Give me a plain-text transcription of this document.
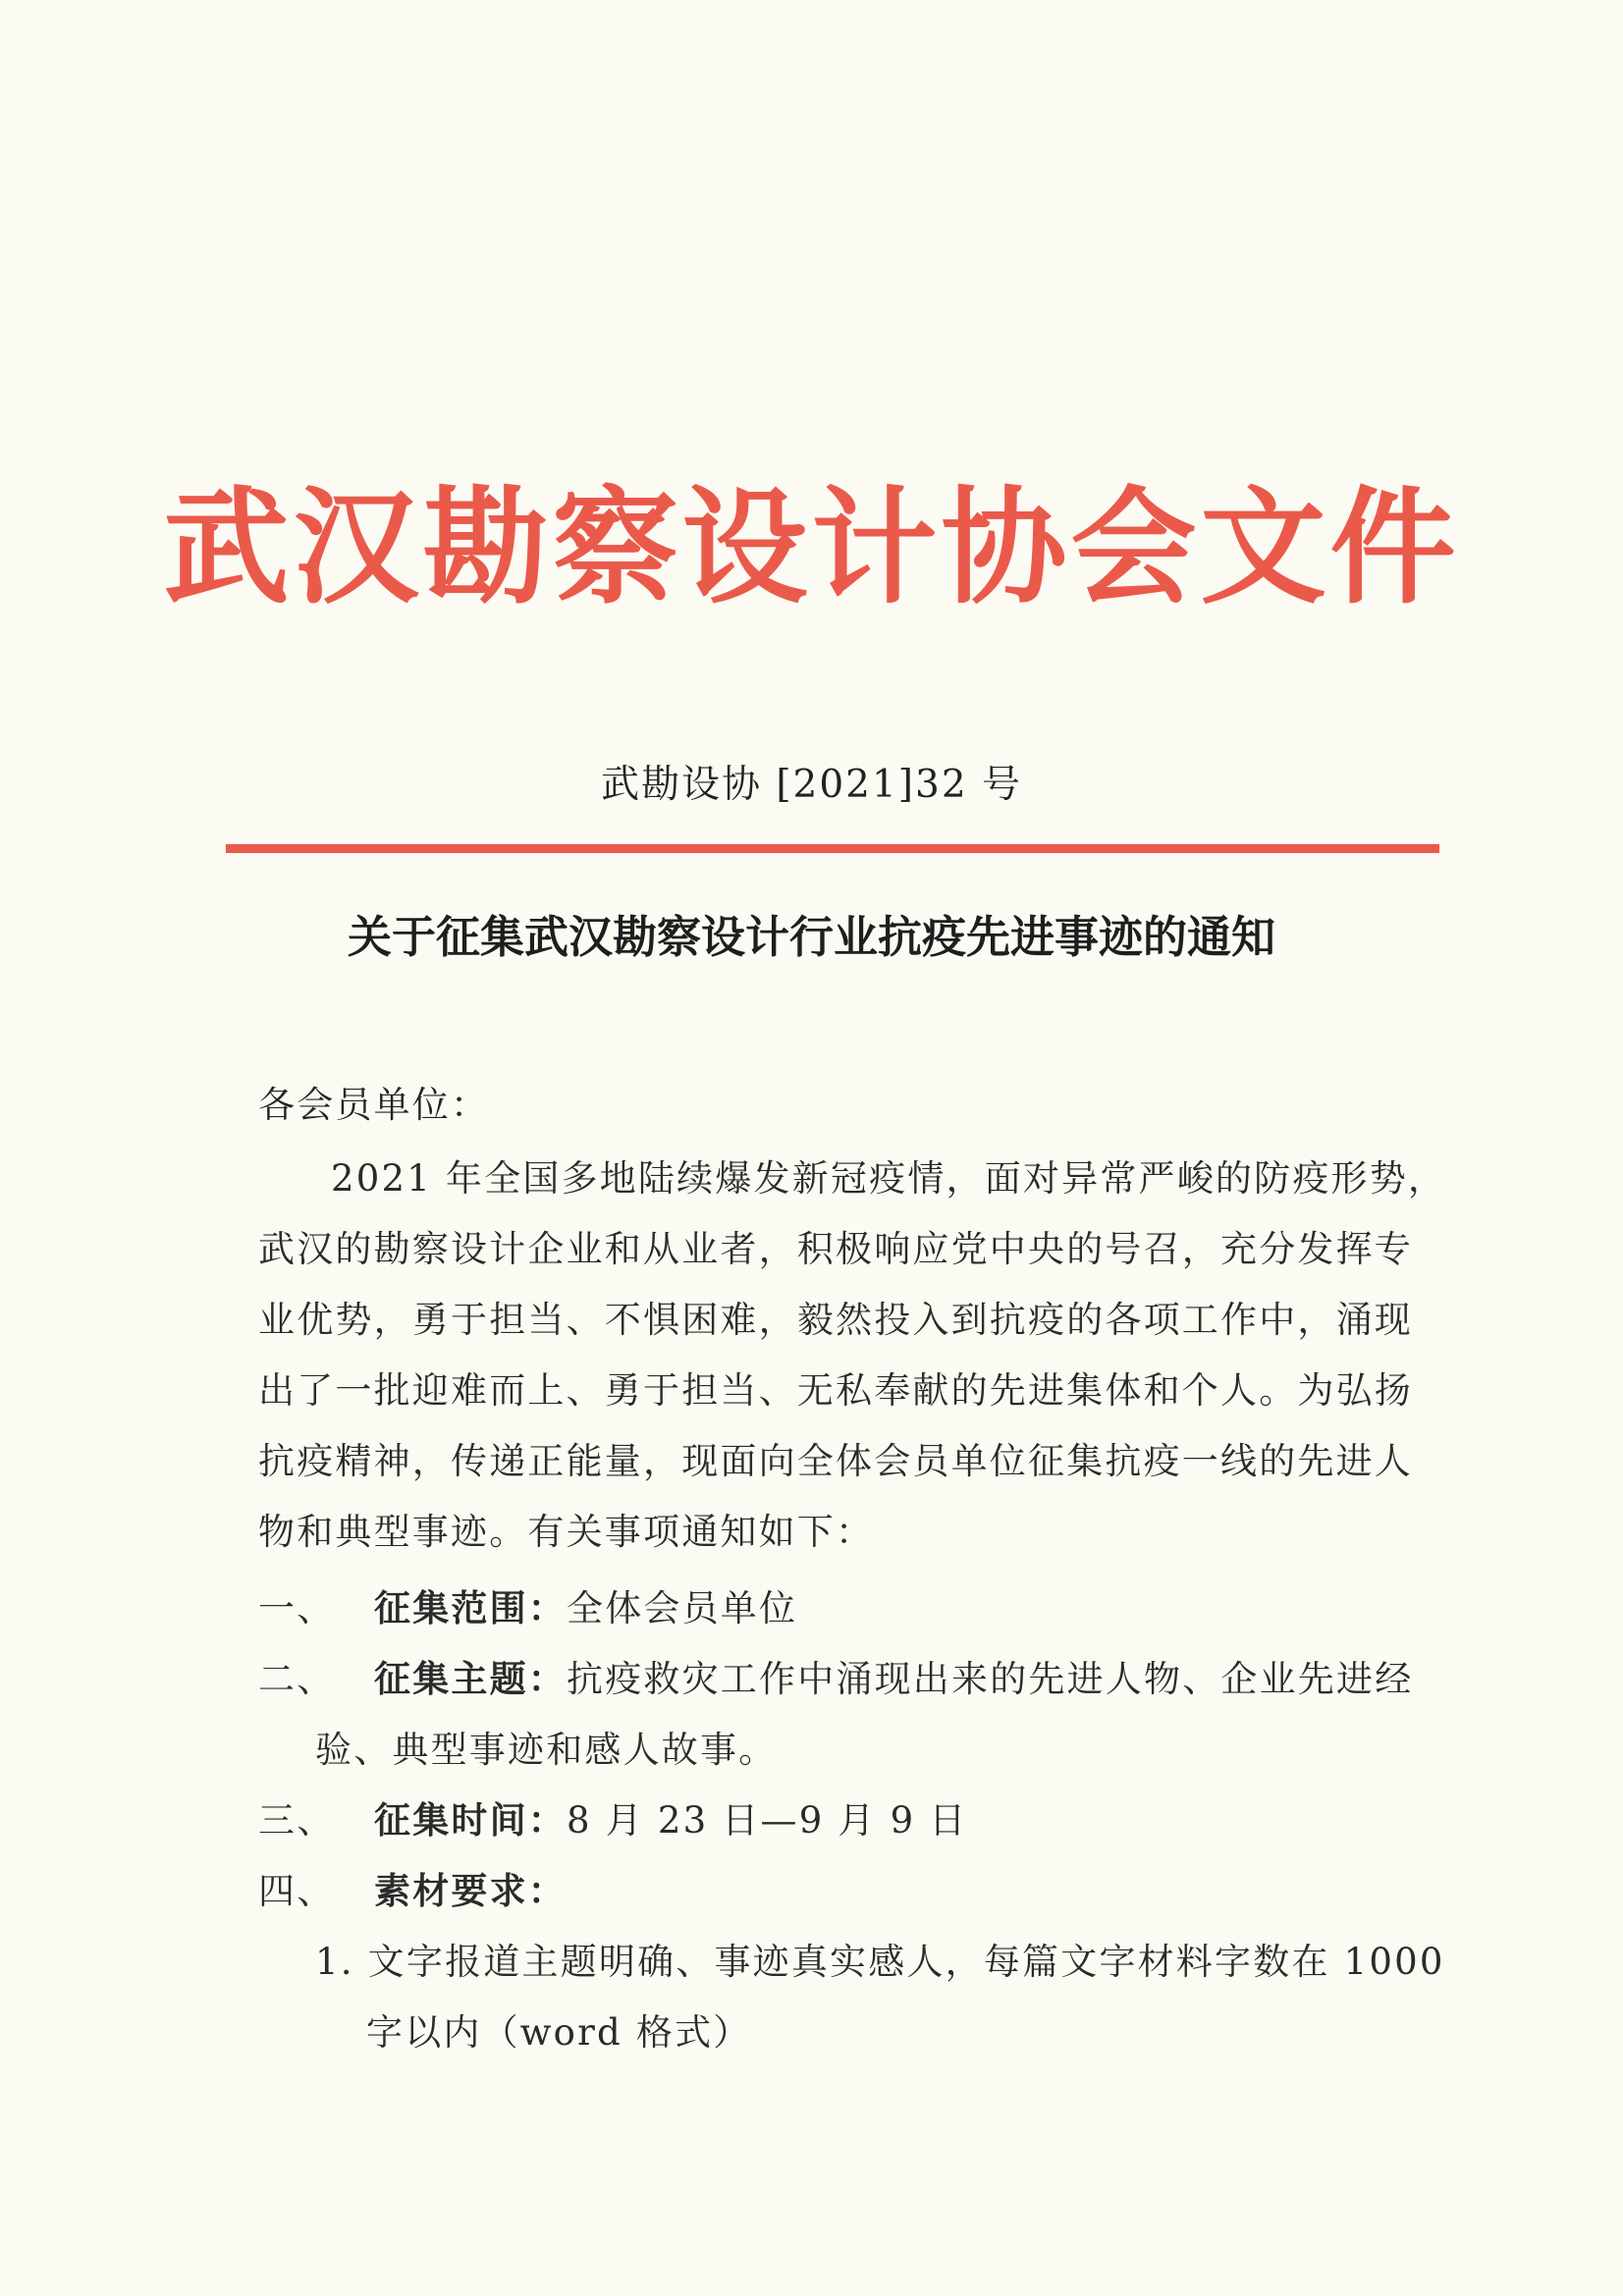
武汉勘察设计协会文件
武勘设协 [2021]32 号
关于征集武汉勘察设计行业抗疫先进事迹的通知
各会员单位：
2021 年全国多地陆续爆发新冠疫情，面对异常严峻的防疫形势，
武汉的勘察设计企业和从业者，积极响应党中央的号召，充分发挥专
业优势，勇于担当、不惧困难，毅然投入到抗疫的各项工作中，涌现
出了一批迎难而上、勇于担当、无私奉献的先进集体和个人。为弘扬
抗疫精神，传递正能量，现面向全体会员单位征集抗疫一线的先进人
物和典型事迹。有关事项通知如下：
一、 征集范围：全体会员单位
二、 征集主题：抗疫救灾工作中涌现出来的先进人物、企业先进经
验、典型事迹和感人故事。
三、 征集时间：8 月 23 日—9 月 9 日
四、 素材要求：
1. 文字报道主题明确、事迹真实感人，每篇文字材料字数在 1000
字以内（word 格式）
